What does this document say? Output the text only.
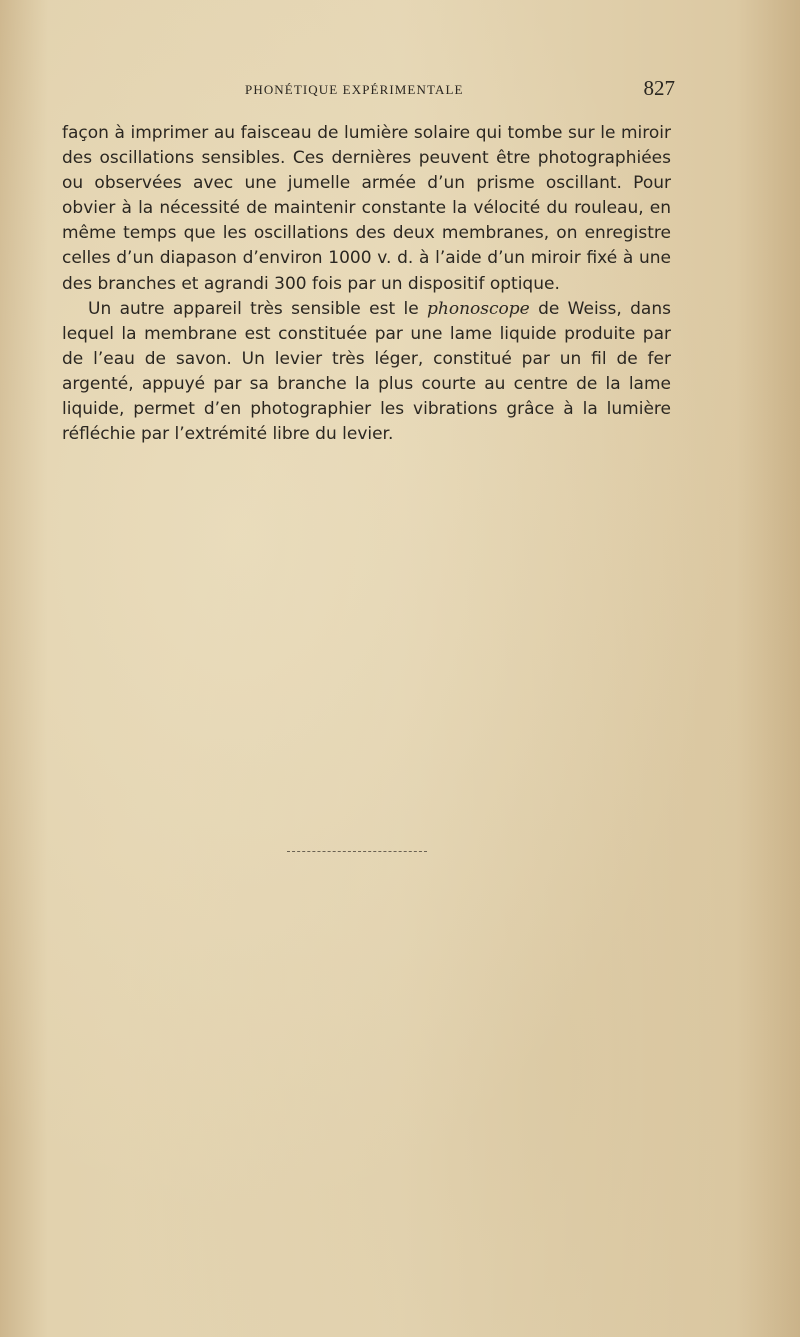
PHONÉTIQUE EXPÉRIMENTALE	827

façon à imprimer au faisceau de lumière solaire qui tombe sur le miroir des oscillations sensibles. Ces dernières peuvent être photographiées ou observées avec une jumelle armée d’un prisme oscillant. Pour obvier à la nécessité de maintenir constante la vélocité du rouleau, en même temps que les oscillations des deux membranes, on enregistre celles d’un diapason d’environ 1000 v. d. à l’aide d’un miroir fixé à une des branches et agrandi 300 fois par un dispositif optique.

Un autre appareil très sensible est le phonoscope de Weiss, dans lequel la membrane est constituée par une lame liquide produite par de l’eau de savon. Un levier très léger, constitué par un fil de fer argenté, appuyé par sa branche la plus courte au centre de la lame liquide, permet d’en photographier les vibrations grâce à la lumière réfléchie par l’extrémité libre du levier.
